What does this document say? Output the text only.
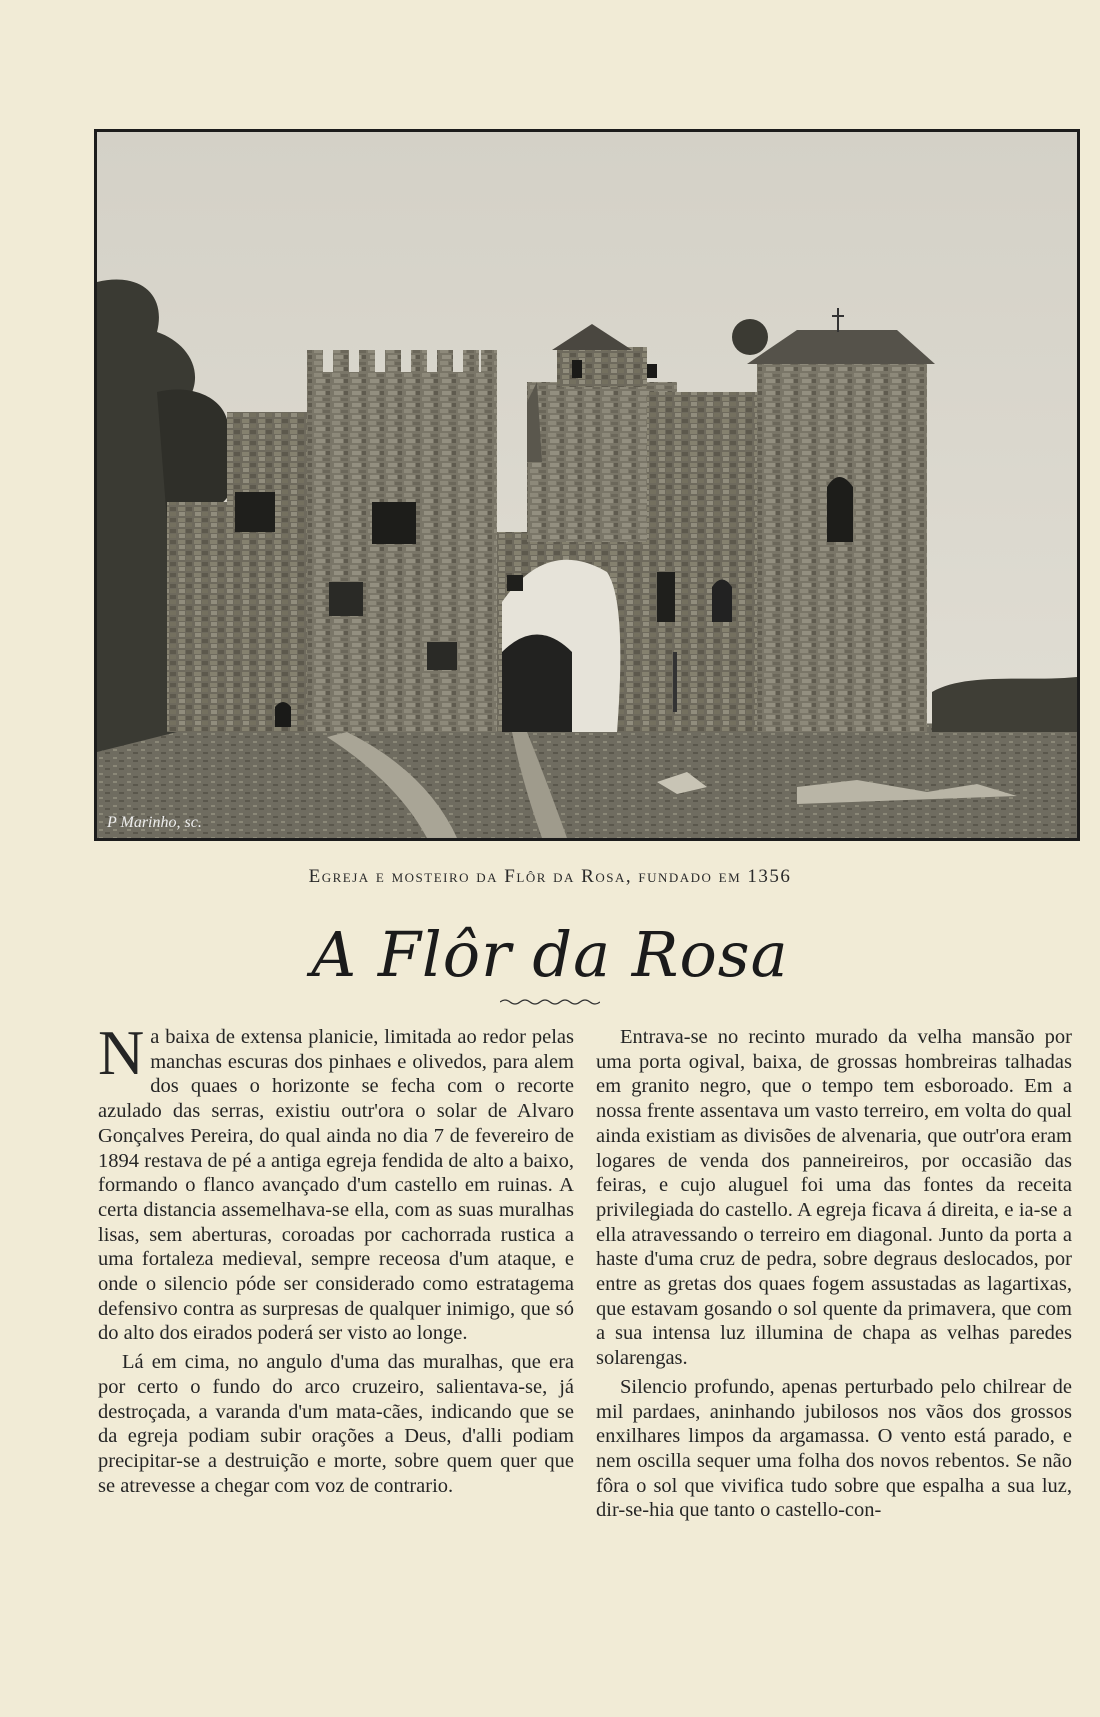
P Marinho, sc.
Egreja e mosteiro da Flôr da Rosa, fundado em 1356
A Flôr da Rosa

Na baixa de extensa planicie, limitada ao redor pelas manchas escuras dos pinhaes e olivedos, para alem dos quaes o horizonte se fecha com o recorte azulado das serras, existiu outr'ora o solar de Alvaro Gonçalves Pereira, do qual ainda no dia 7 de fevereiro de 1894 restava de pé a antiga egreja fendida de alto a baixo, formando o flanco avançado d'um castello em ruinas. A certa distancia assemelhava-se ella, com as suas muralhas lisas, sem aberturas, coroadas por cachorrada rustica a uma fortaleza medieval, sempre receosa d'um ataque, e onde o silencio póde ser considerado como estratagema defensivo contra as surpresas de qualquer inimigo, que só do alto dos eirados poderá ser visto ao longe.

Lá em cima, no angulo d'uma das muralhas, que era por certo o fundo do arco cruzeiro, salientava-se, já destroçada, a varanda d'um mata-cães, indicando que se da egreja podiam subir orações a Deus, d'alli podiam precipitar-se a destruição e morte, sobre quem quer que se atrevesse a chegar com voz de contrario.

Entrava-se no recinto murado da velha mansão por uma porta ogival, baixa, de grossas hombreiras talhadas em granito negro, que o tempo tem esboroado. Em a nossa frente assentava um vasto terreiro, em volta do qual ainda existiam as divisões de alvenaria, que outr'ora eram logares de venda dos panneireiros, por occasião das feiras, e cujo aluguel foi uma das fontes da receita privilegiada do castello. A egreja ficava á direita, e ia-se a ella atravessando o terreiro em diagonal. Junto da porta a haste d'uma cruz de pedra, sobre degraus deslocados, por entre as gretas dos quaes fogem assustadas as lagartixas, que estavam gosando o sol quente da primavera, que com a sua intensa luz illumina de chapa as velhas paredes solarengas.

Silencio profundo, apenas perturbado pelo chilrear de mil pardaes, aninhando jubilosos nos vãos dos grossos enxilhares limpos da argamassa. O vento está parado, e nem oscilla sequer uma folha dos novos rebentos. Se não fôra o sol que vivifica tudo sobre que espalha a sua luz, dir-se-hia que tanto o castello-con-
